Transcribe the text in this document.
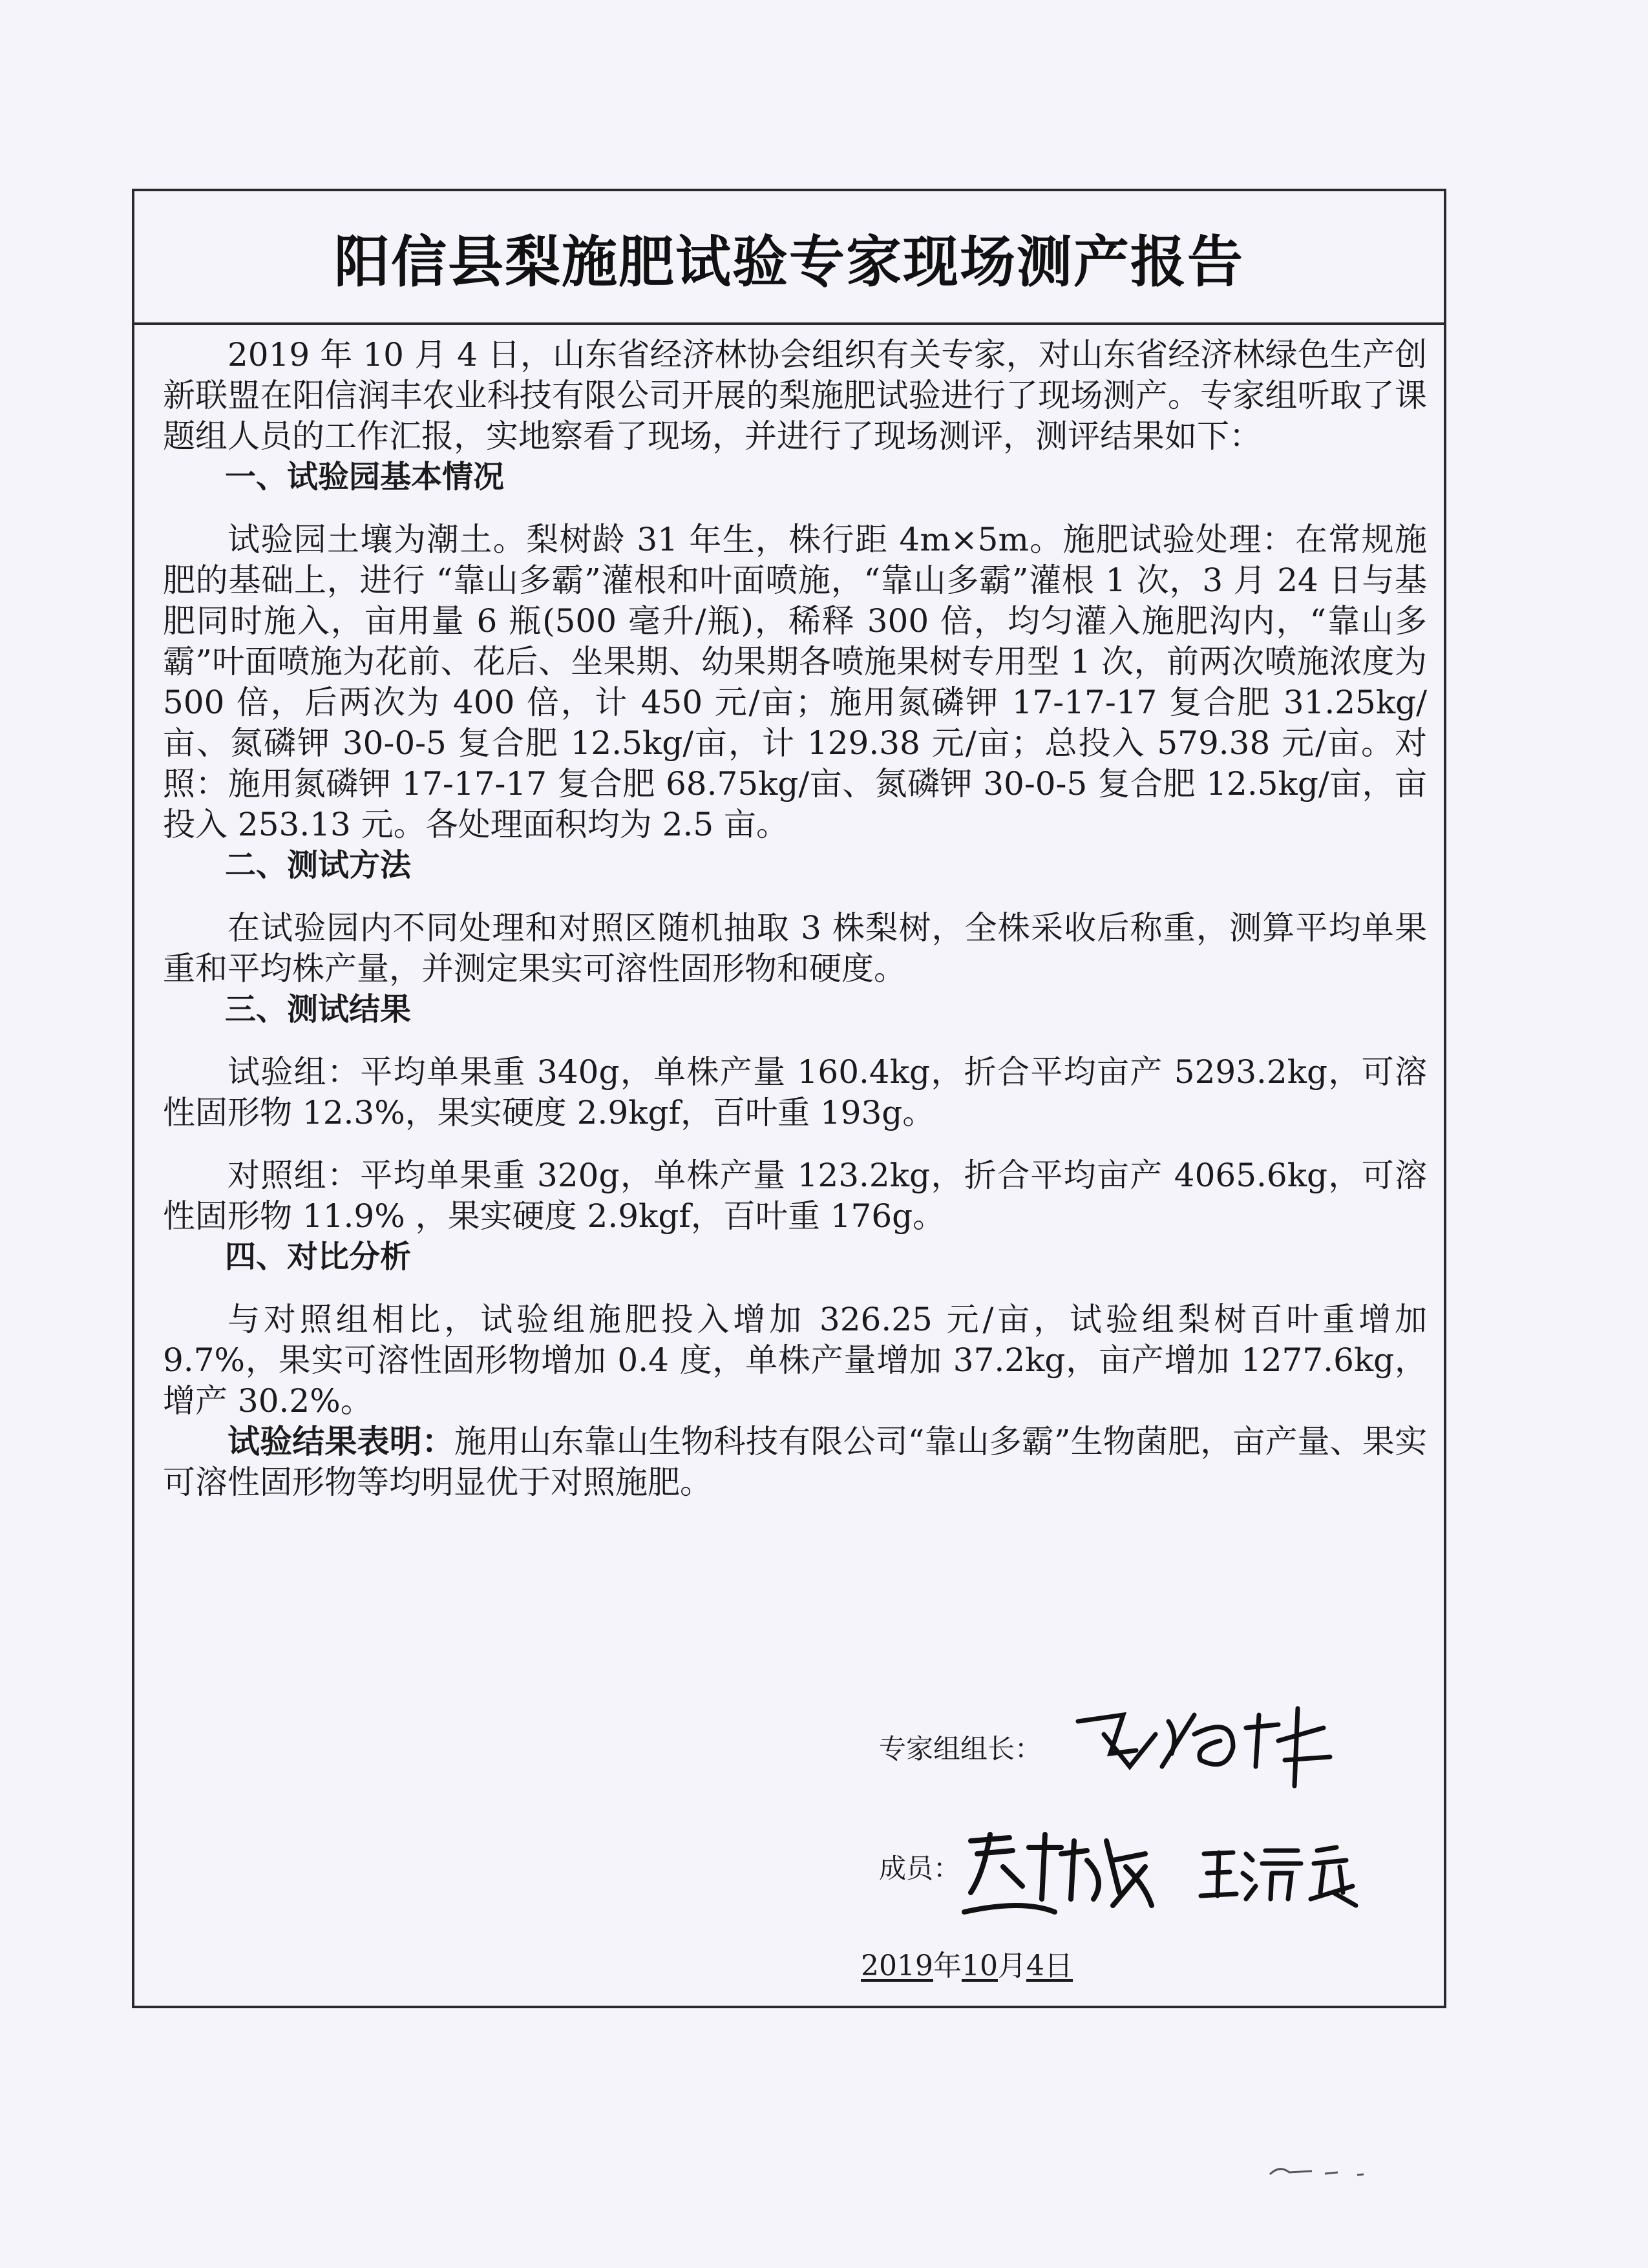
阳信县梨施肥试验专家现场测产报告

2019 年 10 月 4 日，山东省经济林协会组织有关专家，对山东省经济林绿色生产创新联盟在阳信润丰农业科技有限公司开展的梨施肥试验进行了现场测产。专家组听取了课题组人员的工作汇报，实地察看了现场，并进行了现场测评，测评结果如下：

一、试验园基本情况

试验园土壤为潮土。梨树龄 31 年生，株行距 4m×5m。施肥试验处理：在常规施肥的基础上，进行 “靠山多霸”灌根和叶面喷施，“靠山多霸”灌根 1 次，3 月 24 日与基肥同时施入，亩用量 6 瓶(500 毫升/瓶)，稀释 300 倍，均匀灌入施肥沟内，“靠山多霸”叶面喷施为花前、花后、坐果期、幼果期各喷施果树专用型 1 次，前两次喷施浓度为 500 倍，后两次为 400 倍，计 450 元/亩；施用氮磷钾 17-17-17 复合肥 31.25kg/亩、氮磷钾 30-0-5 复合肥 12.5kg/亩，计 129.38 元/亩；总投入 579.38 元/亩。对照：施用氮磷钾 17-17-17 复合肥 68.75kg/亩、氮磷钾 30-0-5 复合肥 12.5kg/亩，亩投入 253.13 元。各处理面积均为 2.5 亩。

二、测试方法

在试验园内不同处理和对照区随机抽取 3 株梨树，全株采收后称重，测算平均单果重和平均株产量，并测定果实可溶性固形物和硬度。

三、测试结果

试验组：平均单果重 340g，单株产量 160.4kg，折合平均亩产 5293.2kg，可溶性固形物 12.3%，果实硬度 2.9kgf，百叶重 193g。

对照组：平均单果重 320g，单株产量 123.2kg，折合平均亩产 4065.6kg，可溶性固形物 11.9% ，果实硬度 2.9kgf，百叶重 176g。

四、对比分析

与对照组相比，试验组施肥投入增加 326.25 元/亩，试验组梨树百叶重增加 9.7%，果实可溶性固形物增加 0.4 度，单株产量增加 37.2kg，亩产增加 1277.6kg，增产 30.2%。

试验结果表明：施用山东靠山生物科技有限公司“靠山多霸”生物菌肥，亩产量、果实可溶性固形物等均明显优于对照施肥。

专家组组长：
成员：
2019年10月4日
